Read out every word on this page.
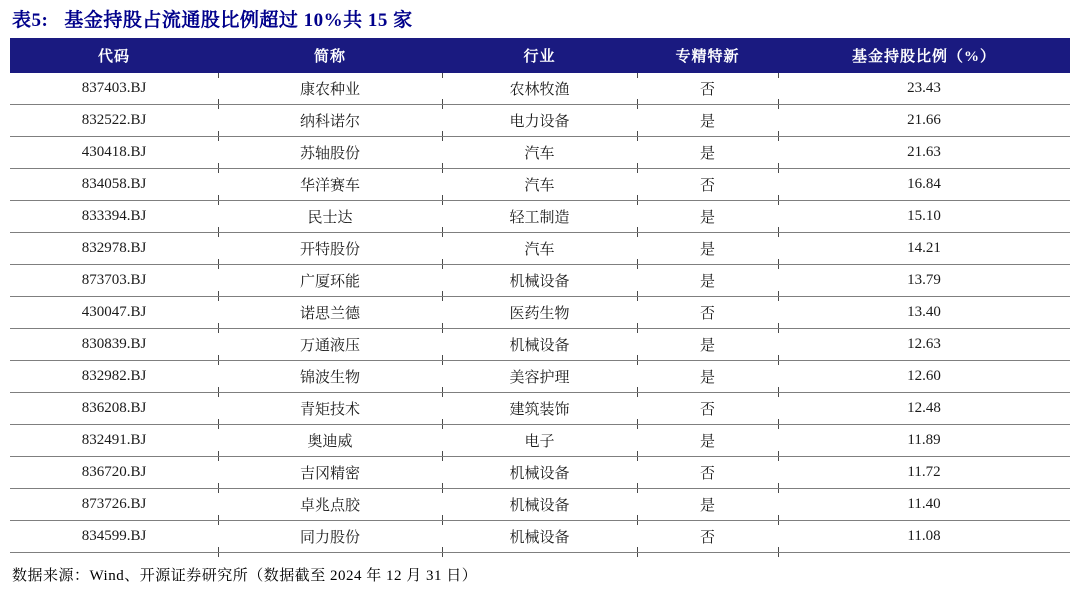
表5: 基金持股占流通股比例超过 10%共 15 家
代码	简称	行业	专精特新	基金持股比例（%）
837403.BJ	康农种业	农林牧渔	否	23.43
832522.BJ	纳科诺尔	电力设备	是	21.66
430418.BJ	苏轴股份	汽车	是	21.63
834058.BJ	华洋赛车	汽车	否	16.84
833394.BJ	民士达	轻工制造	是	15.10
832978.BJ	开特股份	汽车	是	14.21
873703.BJ	广厦环能	机械设备	是	13.79
430047.BJ	诺思兰德	医药生物	否	13.40
830839.BJ	万通液压	机械设备	是	12.63
832982.BJ	锦波生物	美容护理	是	12.60
836208.BJ	青矩技术	建筑装饰	否	12.48
832491.BJ	奥迪威	电子	是	11.89
836720.BJ	吉冈精密	机械设备	否	11.72
873726.BJ	卓兆点胶	机械设备	是	11.40
834599.BJ	同力股份	机械设备	否	11.08
数据来源：Wind、开源证券研究所（数据截至 2024 年 12 月 31 日）
